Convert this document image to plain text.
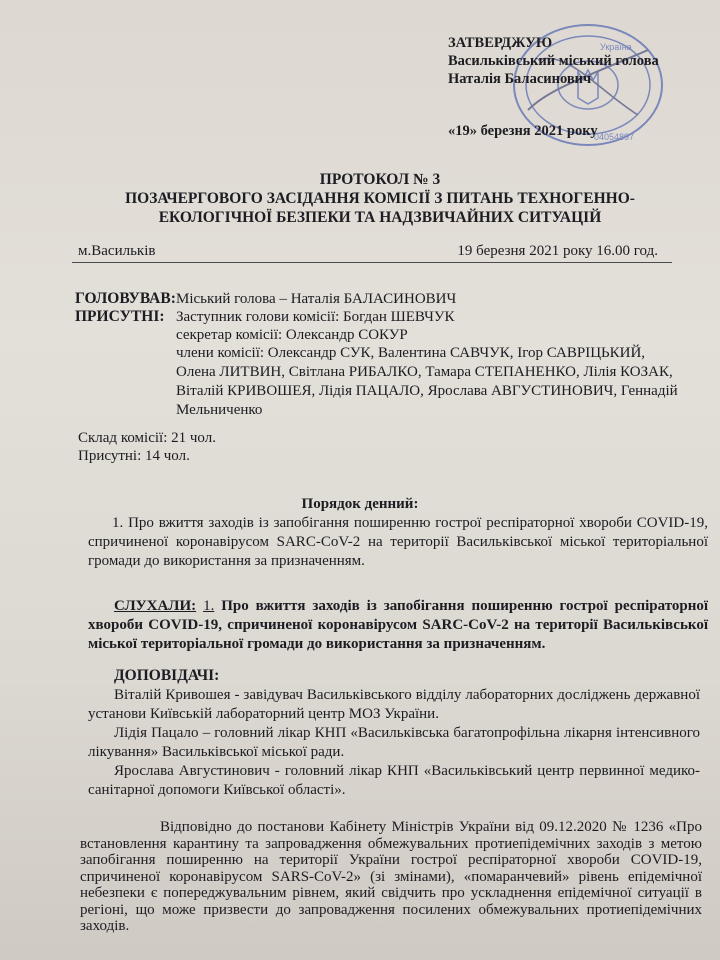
Україна
04054897
ЗАТВЕРДЖУЮ
Васильківський міський голова
Наталія Баласинович
«19» березня 2021 року
ПРОТОКОЛ № 3
ПОЗАЧЕРГОВОГО ЗАСІДАННЯ КОМІСІЇ З ПИТАНЬ ТЕХНОГЕННО-
ЕКОЛОГІЧНОЇ БЕЗПЕКИ ТА НАДЗВИЧАЙНИХ СИТУАЦІЙ
м.Васильків	19 березня 2021 року 16.00 год.
ГОЛОВУВАВ: Міський голова – Наталія БАЛАСИНОВИЧ
ПРИСУТНІ: Заступник голови комісії: Богдан ШЕВЧУК
секретар комісії: Олександр СОКУР
члени комісії: Олександр СУК, Валентина САВЧУК, Ігор САВРІЦЬКИЙ,
Олена ЛИТВИН, Світлана РИБАЛКО, Тамара СТЕПАНЕНКО, Лілія КОЗАК,
Віталій КРИВОШЕЯ, Лідія ПАЦАЛО, Ярослава АВГУСТИНОВИЧ, Геннадій
Мельниченко
Склад комісії: 21 чол.
Присутні: 14 чол.
Порядок денний:
1. Про вжиття заходів із запобігання поширенню гострої респіраторної хвороби COVID-19, спричиненої коронавірусом SARC-CoV-2 на території Васильківської міської територіальної громади до використання за призначенням.
СЛУХАЛИ: 1. Про вжиття заходів із запобігання поширенню гострої респіраторної хвороби COVID-19, спричиненої коронавірусом SARC-CoV-2 на території Васильківської міської територіальної громади до використання за призначенням.
ДОПОВІДАЧІ:
Віталій Кривошея - завідувач Васильківського відділу лабораторних досліджень державної установи Київській лабораторний центр МОЗ України.
Лідія Пацало – головний лікар КНП «Васильківська багатопрофільна лікарня інтенсивного лікування» Васильківської міської ради.
Ярослава Августинович - головний лікар КНП «Васильківський центр первинної медико-санітарної допомоги Київської області».
Відповідно до постанови Кабінету Міністрів України від 09.12.2020 № 1236 «Про встановлення карантину та запровадження обмежувальних протиепідемічних заходів з метою запобігання поширенню на території України гострої респіраторної хвороби COVID-19, спричиненої коронавірусом SARS-CoV-2» (зі змінами), «помаранчевий» рівень епідемічної небезпеки є попереджувальним рівнем, який свідчить про ускладнення епідемічної ситуації в регіоні, що може призвести до запровадження посилених обмежувальних протиепідемічних заходів.
